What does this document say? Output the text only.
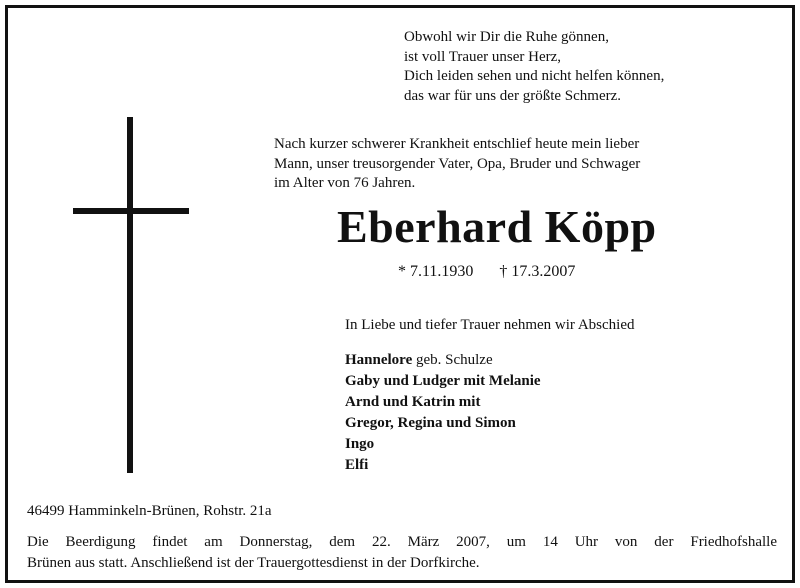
Obwohl wir Dir die Ruhe gönnen,
ist voll Trauer unser Herz,
Dich leiden sehen und nicht helfen können,
das war für uns der größte Schmerz.
Nach kurzer schwerer Krankheit entschlief heute mein lieber
Mann, unser treusorgender Vater, Opa, Bruder und Schwager
im Alter von 76 Jahren.
Eberhard Köpp
* 7.11.1930 † 17.3.2007
In Liebe und tiefer Trauer nehmen wir Abschied
Hannelore geb. Schulze
Gaby und Ludger mit Melanie
Arnd und Katrin mit
Gregor, Regina und Simon
Ingo
Elfi
46499 Hamminkeln-Brünen, Rohstr. 21a
Die Beerdigung findet am Donnerstag, dem 22. März 2007, um 14 Uhr von der Friedhofshalle
Brünen aus statt. Anschließend ist der Trauergottesdienst in der Dorfkirche.
